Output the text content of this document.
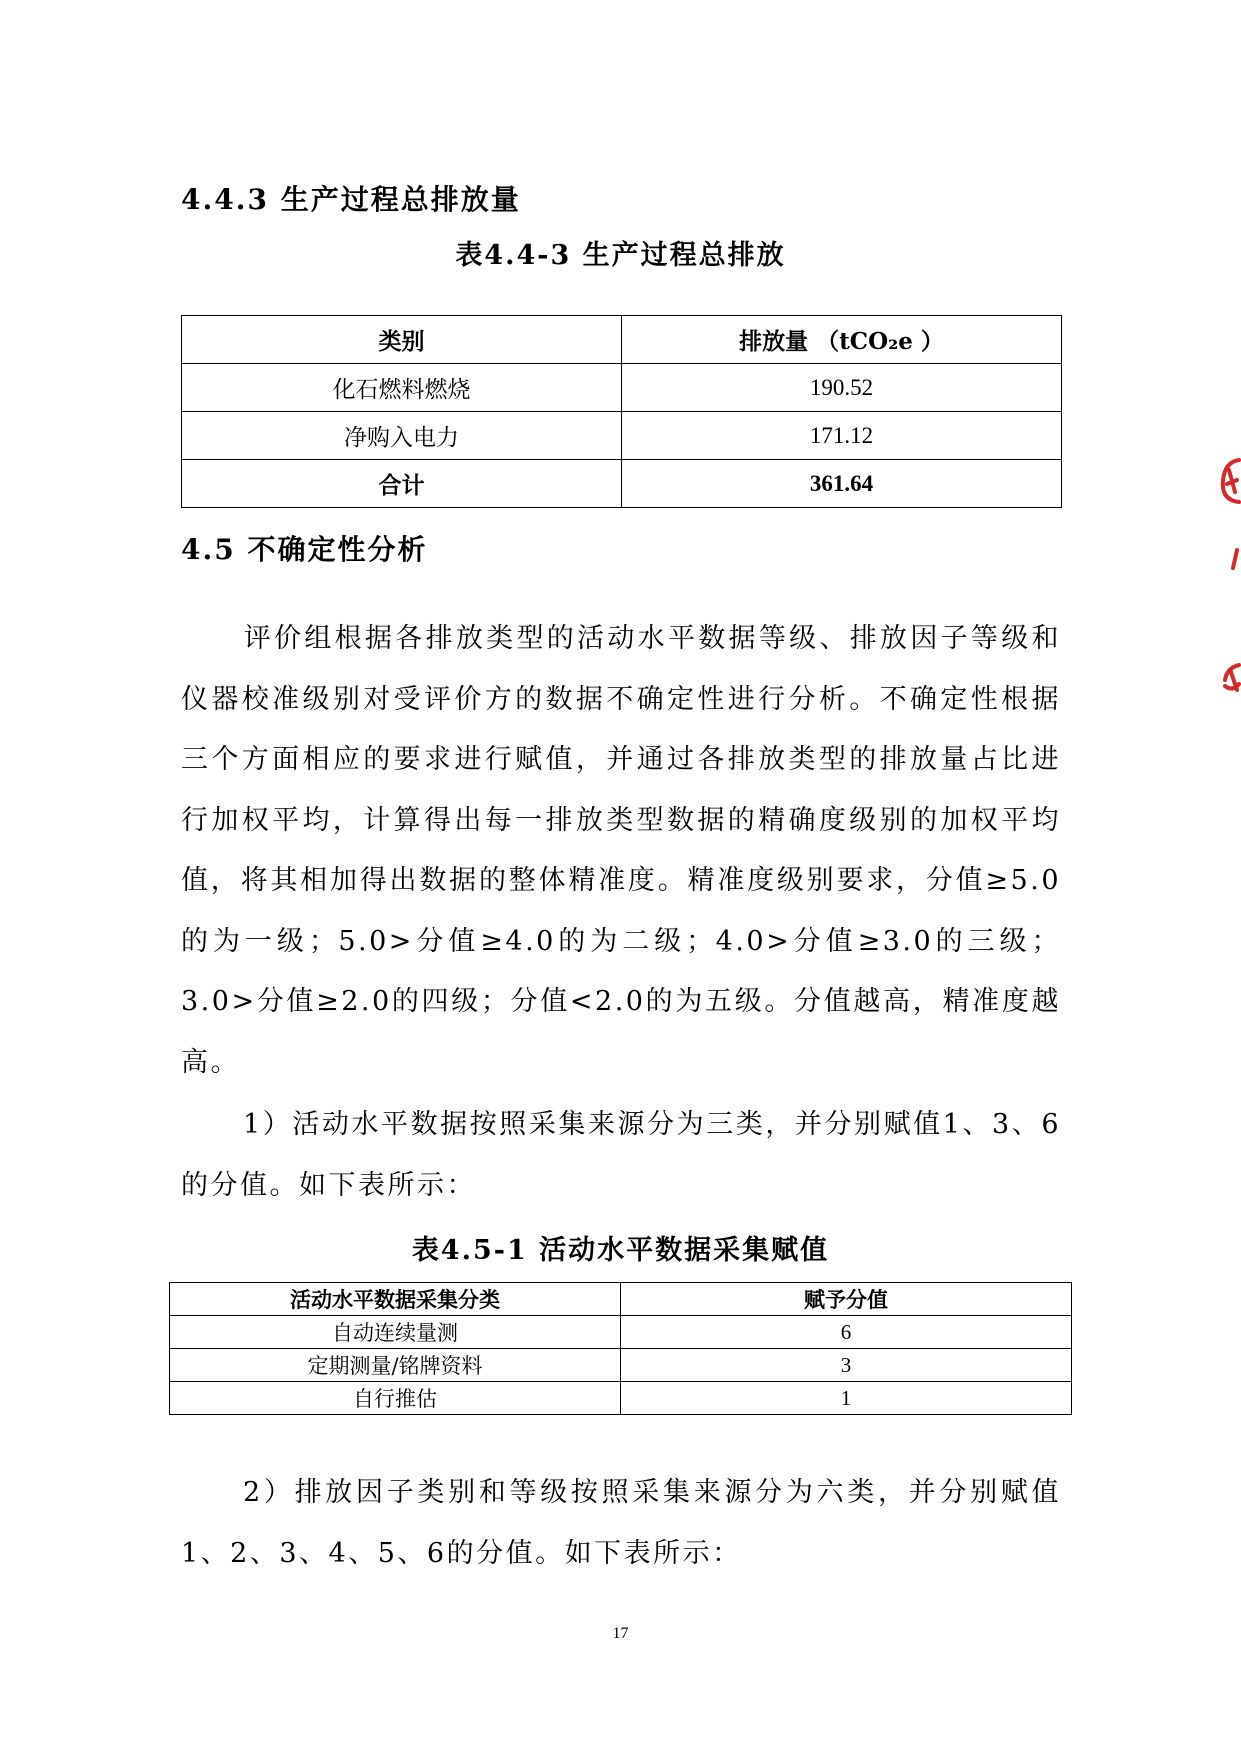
4.4.3 生产过程总排放量

表4.4-3 生产过程总排放

类别	排放量 （tCO₂e ）
化石燃料燃烧	190.52
净购入电力	171.12
合计	361.64
4.5 不确定性分析

评价组根据各排放类型的活动水平数据等级、排放因子等级和仪器校准级别对受评价方的数据不确定性进行分析。不确定性根据三个方面相应的要求进行赋值，并通过各排放类型的排放量占比进行加权平均，计算得出每一排放类型数据的精确度级别的加权平均值，将其相加得出数据的整体精准度。精准度级别要求，分值≥5.0的为一级；5.0>分值≥4.0的为二级；4.0>分值≥3.0的三级；3.0>分值≥2.0的四级；分值<2.0的为五级。分值越高，精准度越高。

1）活动水平数据按照采集来源分为三类，并分别赋值1、3、6的分值。如下表所示：

表4.5-1 活动水平数据采集赋值

活动水平数据采集分类	赋予分值
自动连续量测	6
定期测量/铭牌资料	3
自行推估	1

2）排放因子类别和等级按照采集来源分为六类，并分别赋值1、2、3、4、5、6的分值。如下表所示：

17
